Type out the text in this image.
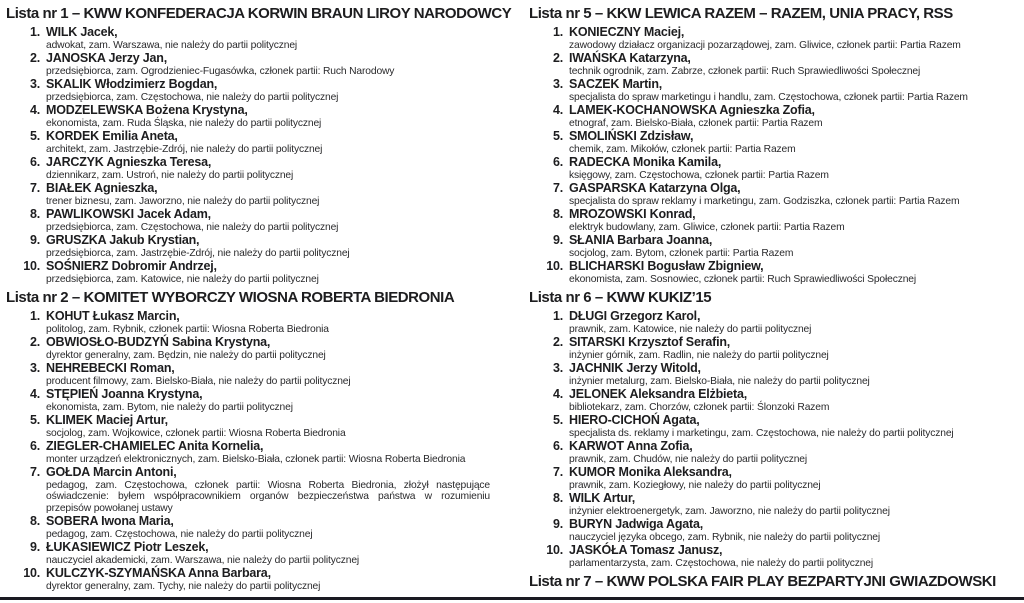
Lista nr 1 – KWW KONFEDERACJA KORWIN BRAUN LIROY NARODOWCY
1. WILK Jacek,
adwokat, zam. Warszawa, nie należy do partii politycznej
2. JANOSKA Jerzy Jan,
przedsiębiorca, zam. Ogrodzieniec-Fugasówka, członek partii: Ruch Narodowy
3. SKALIK Włodzimierz Bogdan,
przedsiębiorca, zam. Częstochowa, nie należy do partii politycznej
4. MODZELEWSKA Bożena Krystyna,
ekonomista, zam. Ruda Śląska, nie należy do partii politycznej
5. KORDEK Emilia Aneta,
architekt, zam. Jastrzębie-Zdrój, nie należy do partii politycznej
6. JARCZYK Agnieszka Teresa,
dziennikarz, zam. Ustroń, nie należy do partii politycznej
7. BIAŁEK Agnieszka,
trener biznesu, zam. Jaworzno, nie należy do partii politycznej
8. PAWLIKOWSKI Jacek Adam,
przedsiębiorca, zam. Częstochowa, nie należy do partii politycznej
9. GRUSZKA Jakub Krystian,
przedsiębiorca, zam. Jastrzębie-Zdrój, nie należy do partii politycznej
10. SOŚNIERZ Dobromir Andrzej,
przedsiębiorca, zam. Katowice, nie należy do partii politycznej
Lista nr 2 – KOMITET WYBORCZY WIOSNA ROBERTA BIEDRONIA
1. KOHUT Łukasz Marcin,
politolog, zam. Rybnik, członek partii: Wiosna Roberta Biedronia
2. OBWIOSŁO-BUDZYŃ Sabina Krystyna,
dyrektor generalny, zam. Będzin, nie należy do partii politycznej
3. NEHREBECKI Roman,
producent filmowy, zam. Bielsko-Biała, nie należy do partii politycznej
4. STĘPIEŃ Joanna Krystyna,
ekonomista, zam. Bytom, nie należy do partii politycznej
5. KLIMEK Maciej Artur,
socjolog, zam. Wojkowice, członek partii: Wiosna Roberta Biedronia
6. ZIEGLER-CHAMIELEC Anita Kornelia,
monter urządzeń elektronicznych, zam. Bielsko-Biała, członek partii: Wiosna Roberta Biedronia
7. GOŁDA Marcin Antoni,
pedagog, zam. Częstochowa, członek partii: Wiosna Roberta Biedronia, złożył następujące oświadczenie: byłem współpracownikiem organów bezpieczeństwa państwa w rozumieniu przepisów powołanej ustawy
8. SOBERA Iwona Maria,
pedagog, zam. Częstochowa, nie należy do partii politycznej
9. ŁUKASIEWICZ Piotr Leszek,
nauczyciel akademicki, zam. Warszawa, nie należy do partii politycznej
10. KULCZYK-SZYMAŃSKA Anna Barbara,
dyrektor generalny, zam. Tychy, nie należy do partii politycznej
Lista nr 5 – KKW LEWICA RAZEM – RAZEM, UNIA PRACY, RSS
1. KONIECZNY Maciej,
zawodowy działacz organizacji pozarządowej, zam. Gliwice, członek partii: Partia Razem
2. IWAŃSKA Katarzyna,
technik ogrodnik, zam. Zabrze, członek partii: Ruch Sprawiedliwości Społecznej
3. SACZEK Martin,
specjalista do spraw marketingu i handlu, zam. Częstochowa, członek partii: Partia Razem
4. LAMEK-KOCHANOWSKA Agnieszka Zofia,
etnograf, zam. Bielsko-Biała, członek partii: Partia Razem
5. SMOLIŃSKI Zdzisław,
chemik, zam. Mikołów, członek partii: Partia Razem
6. RADECKA Monika Kamila,
księgowy, zam. Częstochowa, członek partii: Partia Razem
7. GASPARSKA Katarzyna Olga,
specjalista do spraw reklamy i marketingu, zam. Godziszka, członek partii: Partia Razem
8. MROZOWSKI Konrad,
elektryk budowlany, zam. Gliwice, członek partii: Partia Razem
9. SŁANIA Barbara Joanna,
socjolog, zam. Bytom, członek partii: Partia Razem
10. BLICHARSKI Bogusław Zbigniew,
ekonomista, zam. Sosnowiec, członek partii: Ruch Sprawiedliwości Społecznej
Lista nr 6 – KWW KUKIZ’15
1. DŁUGI Grzegorz Karol,
prawnik, zam. Katowice, nie należy do partii politycznej
2. SITARSKI Krzysztof Serafin,
inżynier górnik, zam. Radlin, nie należy do partii politycznej
3. JACHNIK Jerzy Witold,
inżynier metalurg, zam. Bielsko-Biała, nie należy do partii politycznej
4. JELONEK Aleksandra Elżbieta,
bibliotekarz, zam. Chorzów, członek partii: Ślonzoki Razem
5. HIERO-CICHOŃ Agata,
specjalista ds. reklamy i marketingu, zam. Częstochowa, nie należy do partii politycznej
6. KARWOT Anna Zofia,
prawnik, zam. Chudów, nie należy do partii politycznej
7. KUMOR Monika Aleksandra,
prawnik, zam. Koziegłowy, nie należy do partii politycznej
8. WILK Artur,
inżynier elektroenergetyk, zam. Jaworzno, nie należy do partii politycznej
9. BURYN Jadwiga Agata,
nauczyciel języka obcego, zam. Rybnik, nie należy do partii politycznej
10. JASKÓŁA Tomasz Janusz,
parlamentarzysta, zam. Częstochowa, nie należy do partii politycznej
Lista nr 7 – KWW POLSKA FAIR PLAY BEZPARTYJNI GWIAZDOWSKI
